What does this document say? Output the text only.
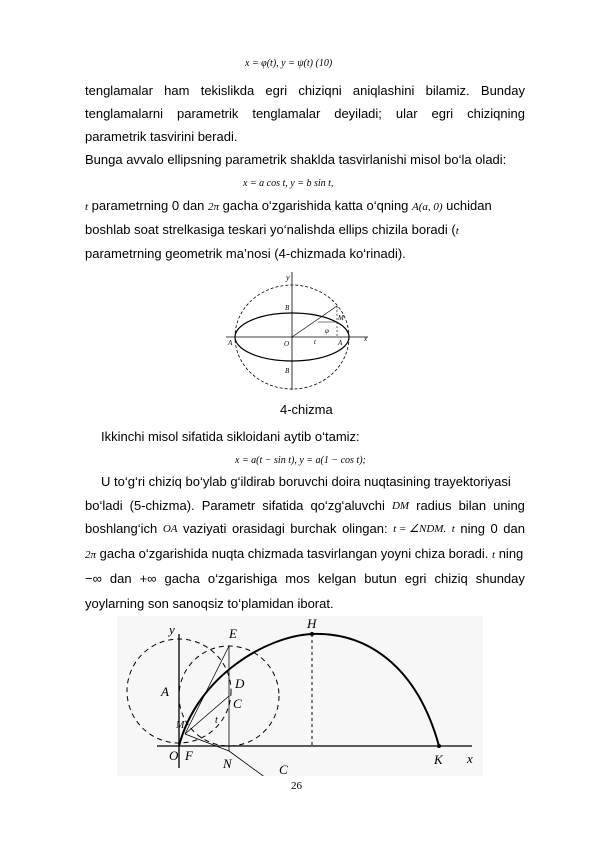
x = φ(t), y = ψ(t) (10)
tenglamalar ham tekislikda egri chiziqni aniqlashini bilamiz. Bunday
tenglamalarni parametrik tenglamalar deyiladi; ular egri chiziqning
parametrik tasvirini beradi.
Bunga avvalo ellipsning parametrik shaklda tasvirlanishi misol bo‘la oladi:
x = a cos t, y = b sin t,
t parametrning 0 dan 2π gacha o‘zgarishida katta o‘qning A(a, 0) uchidan
boshlab soat strelkasiga teskari yo‘nalishda ellips chizila boradi (t
parametrning geometrik ma’nosi (4-chizmada ko‘rinadi).
y
B
A
O
A
B
x
φ
t
M
4-chizma
Ikkinchi misol sifatida sikloidani aytib o‘tamiz:
x = a(t − sin t), y = a(1 − cos t);
U to‘g‘ri chiziq bo‘ylab g‘ildirab boruvchi doira nuqtasining trayektoriyasi
bo‘ladi (5-chizma). Parametr sifatida qo‘zg‘aluvchi DM radius bilan uning
boshlang‘ich OA vaziyati orasidagi burchak olingan: t = ∠NDM. t ning 0 dan
2π gacha o‘zgarishida nuqta chizmada tasvirlangan yoyni chiza boradi. t ning
−∞ dan +∞ gacha o‘zgarishiga mos kelgan butun egri chiziq shunday
yoylarning son sanoqsiz to‘plamidan iborat.
y	E
H
A
D
C
M	t
O F
N	K
C
x
26
